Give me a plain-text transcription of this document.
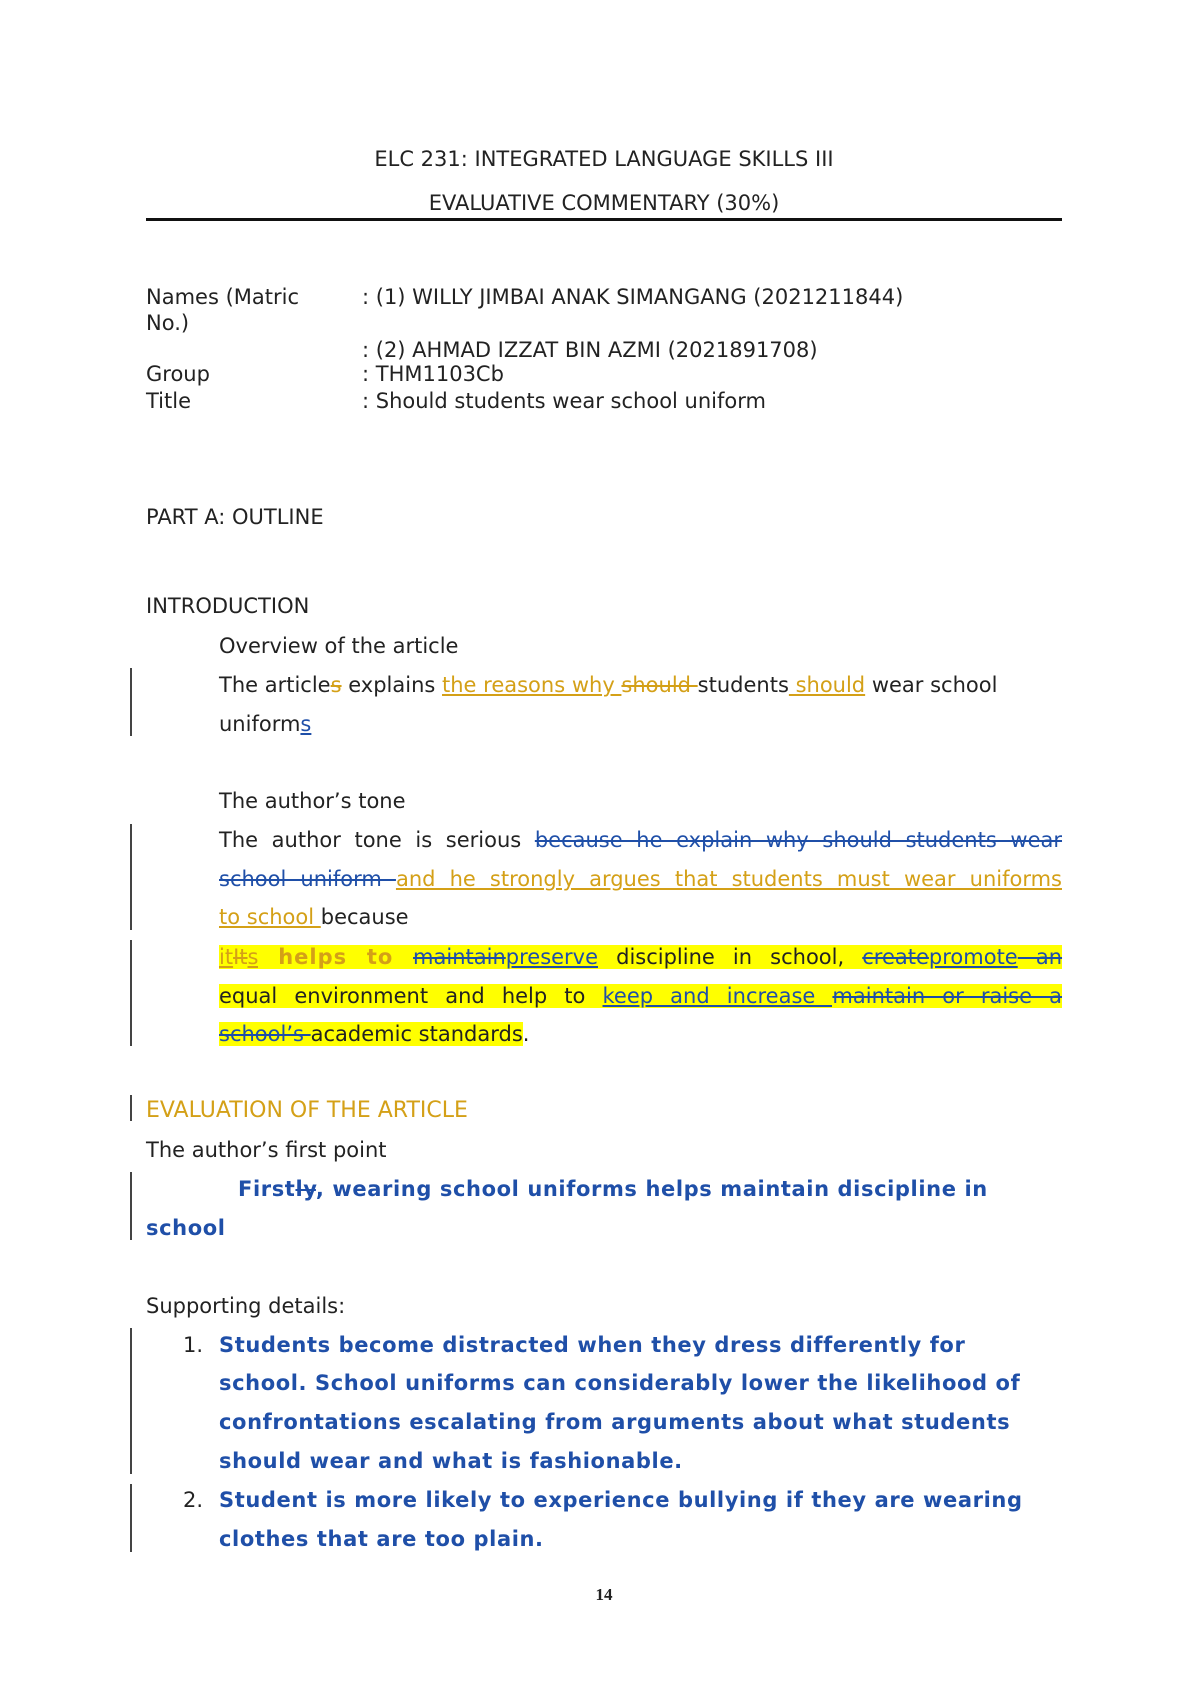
ELC 231: INTEGRATED LANGUAGE SKILLS III
EVALUATIVE COMMENTARY (30%)
Names (Matric
No.)
: (1) WILLY JIMBAI ANAK SIMANGANG (2021211844)
: (2) AHMAD IZZAT BIN AZMI (2021891708)
Group	: THM1103Cb
Title	: Should students wear school uniform
PART A: OUTLINE
INTRODUCTION
Overview of the article
The articles explains the reasons why should students should wear school
uniforms
The author’s tone
The author tone is serious because he explain why should students wear
school uniform and he strongly argues that students must wear uniforms
to school because
itIts helps to maintainpreserve discipline in school, createpromote an
equal environment and help to keep and increase maintain or raise a
school’s academic standards.
EVALUATION OF THE ARTICLE
The author’s first point
Firstly, wearing school uniforms helps maintain discipline in
school
Supporting details:
1. Students become distracted when they dress differently for
school. School uniforms can considerably lower the likelihood of
confrontations escalating from arguments about what students
should wear and what is fashionable.
2. Student is more likely to experience bullying if they are wearing
clothes that are too plain.
14
